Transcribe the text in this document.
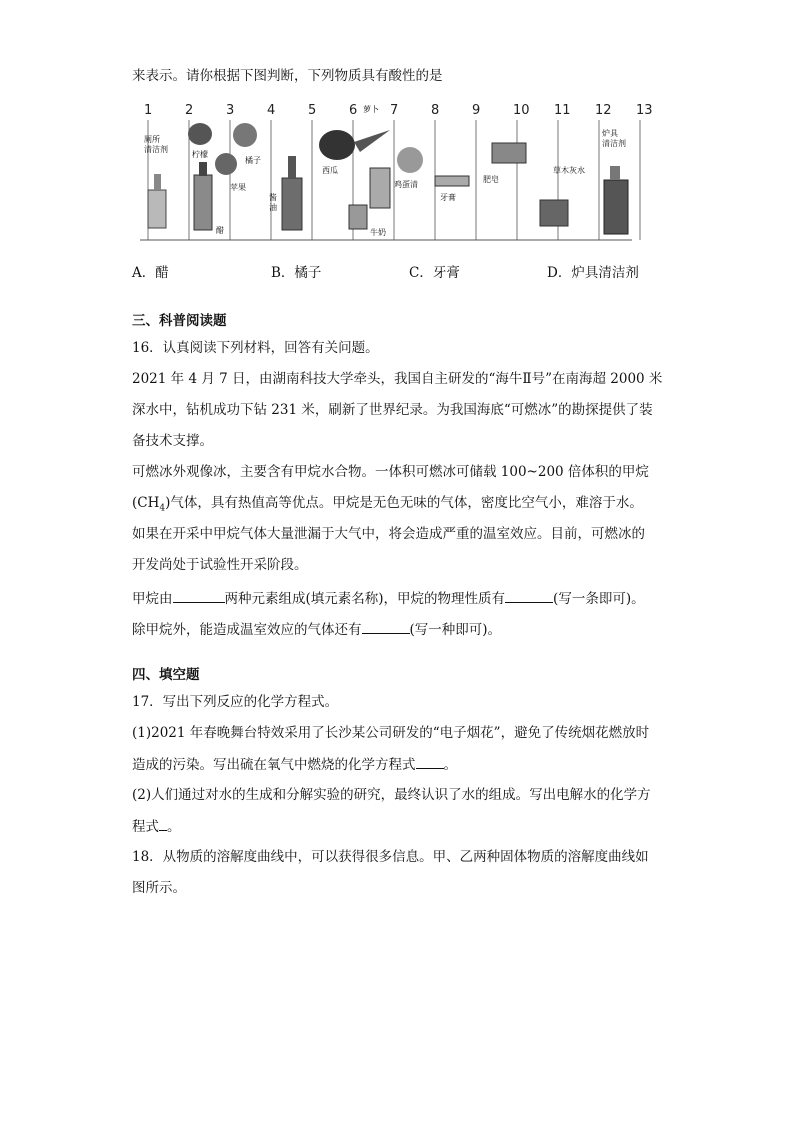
来表示。请你根据下图判断，下列物质具有酸性的是
1	2	3	4	5	6	7	8	9	10 11 12 13
厕所清洁剂
柠檬
醋
橘子
苹果
酱油
西瓜
萝卜
牛奶
鸡蛋清
牙膏
肥皂
草木灰水
炉具清洁剂
A．醋	B．橘子	C．牙膏	D．炉具清洁剂
三、科普阅读题
16．认真阅读下列材料，回答有关问题。
2021 年 4 月 7 日，由湖南科技大学牵头，我国自主研发的“海牛Ⅱ号”在南海超 2000 米
深水中，钻机成功下钻 231 米，刷新了世界纪录。为我国海底“可燃冰”的勘探提供了装
备技术支撑。
可燃冰外观像冰，主要含有甲烷水合物。一体积可燃冰可储载 100~200 倍体积的甲烷
$(CH_4)$气体，具有热值高等优点。甲烷是无色无味的气体，密度比空气小，难溶于水。
如果在开采中甲烷气体大量泄漏于大气中，将会造成严重的温室效应。目前，可燃冰的
开发尚处于试验性开采阶段。
甲烷由	两种元素组成(填元素名称)，甲烷的物理性质有	(写一条即可)。
除甲烷外，能造成温室效应的气体还有	(写一种即可)。
四、填空题
17．写出下列反应的化学方程式。
(1)2021 年春晚舞台特效采用了长沙某公司研发的“电子烟花”，避免了传统烟花燃放时
造成的污染。写出硫在氧气中燃烧的化学方程式 。
(2)人们通过对水的生成和分解实验的研究，最终认识了水的组成。写出电解水的化学方
程式 。
18．从物质的溶解度曲线中，可以获得很多信息。甲、乙两种固体物质的溶解度曲线如
图所示。
